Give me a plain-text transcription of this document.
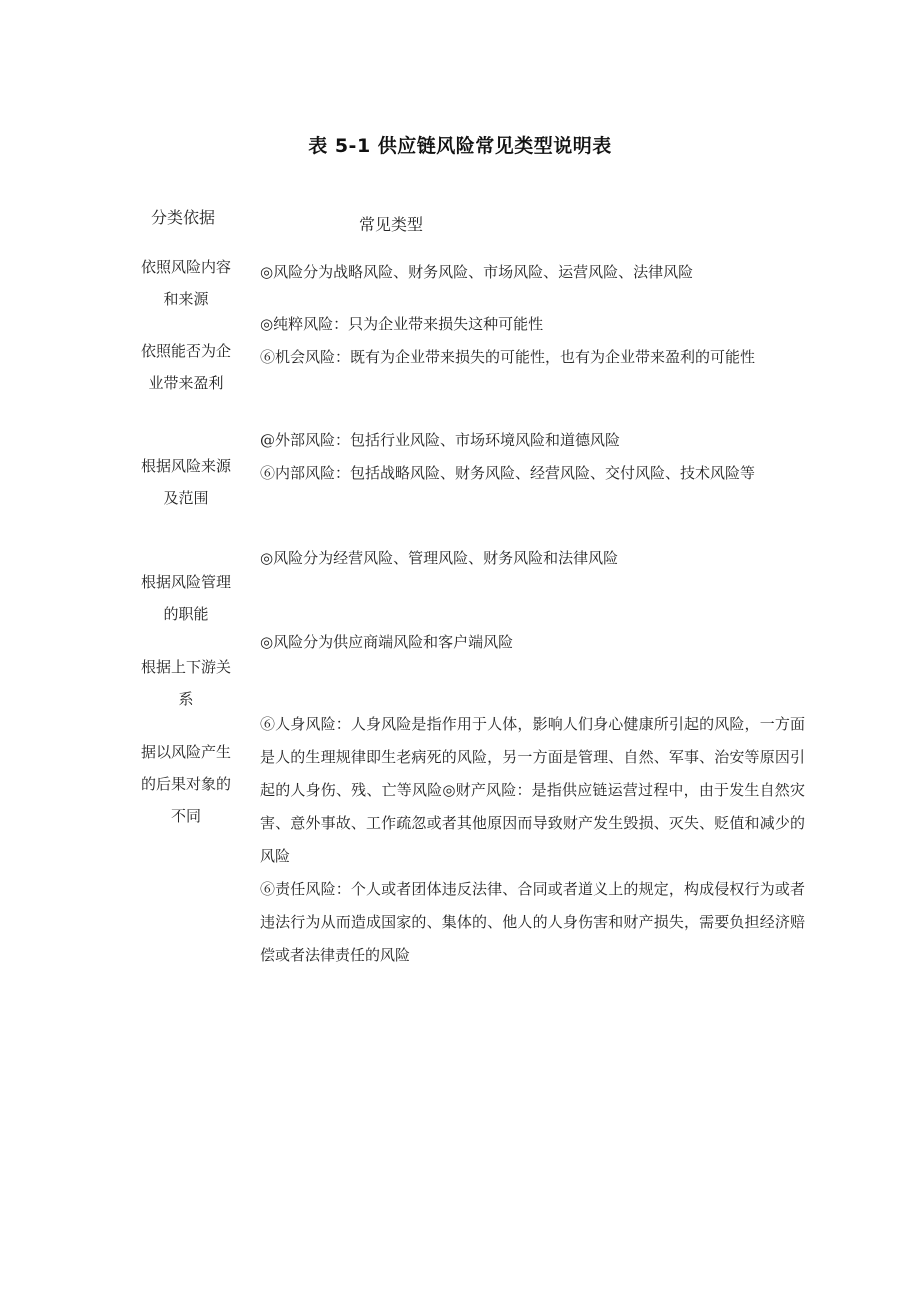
表 5-1 供应链风险常见类型说明表
分类依据	常见类型
依照风险内容和来源
依照能否为企业带来盈利
根据风险来源及范围
根据风险管理的职能
根据上下游关系
据以风险产生的后果对象的不同

◎风险分为战略风险、财务风险、市场风险、运营风险、法律风险

◎纯粹风险：只为企业带来损失这种可能性

⑥机会风险：既有为企业带来损失的可能性，也有为企业带来盈利的可能性

@外部风险：包括行业风险、市场环境风险和道德风险

⑥内部风险：包括战略风险、财务风险、经营风险、交付风险、技术风险等

◎风险分为经营风险、管理风险、财务风险和法律风险

◎风险分为供应商端风险和客户端风险

⑥人身风险：人身风险是指作用于人体，影响人们身心健康所引起的风险，一方面是人的生理规律即生老病死的风险，另一方面是管理、自然、军事、治安等原因引起的人身伤、残、亡等风险◎财产风险：是指供应链运营过程中，由于发生自然灾害、意外事故、工作疏忽或者其他原因而导致财产发生毁损、灭失、贬值和减少的风险

⑥责任风险：个人或者团体违反法律、合同或者道义上的规定，构成侵权行为或者违法行为从而造成国家的、集体的、他人的人身伤害和财产损失，需要负担经济赔偿或者法律责任的风险
